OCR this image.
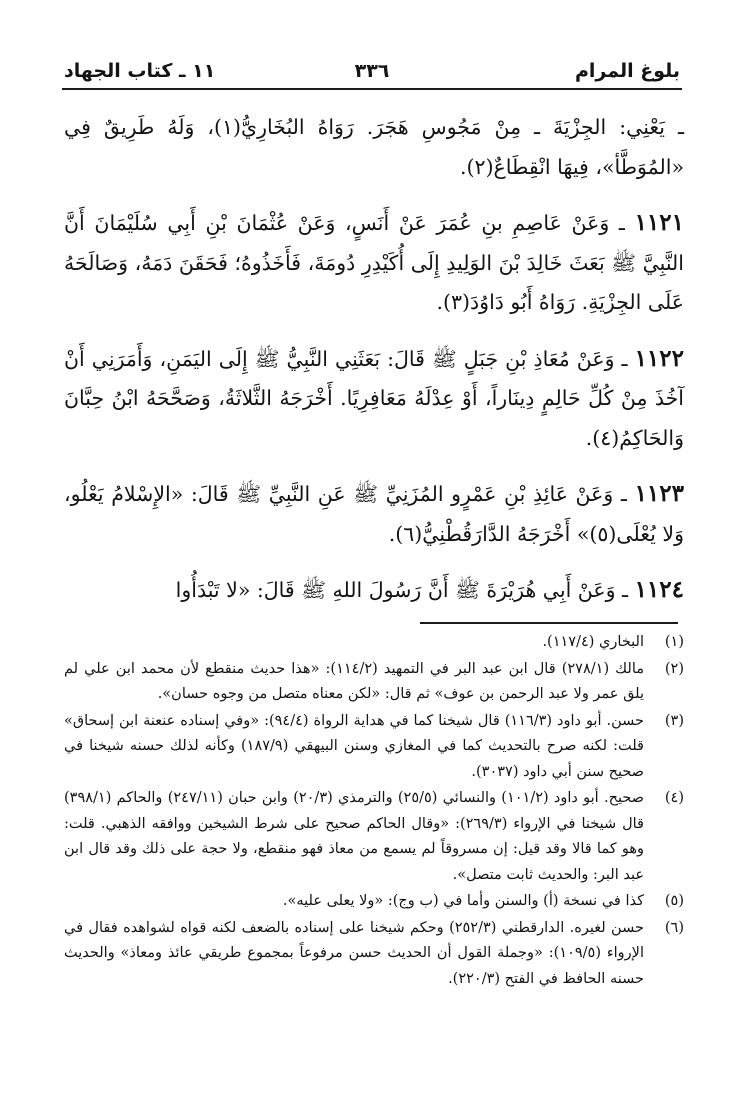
بلوغ المرام
٣٣٦
١١ ـ كتاب الجهاد

ـ يَعْنِي: الجِزْيَةَ ـ مِنْ مَجُوسِ هَجَرَ. رَوَاهُ البُخَارِيُّ(١)، وَلَهُ طَرِيقٌ فِي «المُوَطَّأ»، فِيهَا انْقِطَاعٌ(٢).

١١٢١ ـ وَعَنْ عَاصِمِ بنِ عُمَرَ عَنْ أَنَسٍ، وَعَنْ عُثْمَانَ بْنِ أَبِي سُلَيْمَانَ أَنَّ النَّبِيَّ ﷺ بَعَثَ خَالِدَ بْنَ الوَلِيدِ إِلَى أُكَيْدِرِ دُومَةَ، فَأَخَذُوهُ؛ فَحَقَنَ دَمَهُ، وَصَالَحَهُ عَلَى الجِزْيَةِ. رَوَاهُ أَبُو دَاوُدَ(٣).

١١٢٢ ـ وَعَنْ مُعَاذِ بْنِ جَبَلٍ ﷺ قَالَ: بَعَثَنِي النَّبِيُّ ﷺ إِلَى اليَمَنِ، وَأَمَرَنِي أَنْ آخُذَ مِنْ كُلِّ حَالِمٍ دِينَاراً، أَوْ عِدْلَهُ مَعَافِرِيًا. أَخْرَجَهُ الثَّلاثَةُ، وَصَحَّحَهُ ابْنُ حِبَّانَ وَالحَاكِمُ(٤).

١١٢٣ ـ وَعَنْ عَائِذِ بْنِ عَمْرٍو المُزَنِيِّ ﷺ عَنِ النَّبِيِّ ﷺ قَالَ: «الإِسْلامُ يَعْلُو، وَلا يُعْلَى(٥)» أَخْرَجَهُ الدَّارَقُطْنِيُّ(٦).

١١٢٤ ـ وَعَنْ أَبِي هُرَيْرَةَ ﷺ أَنَّ رَسُولَ اللهِ ﷺ قَالَ: «لا تَبْدَأُوا

(١)
البخاري (١١٧/٤).
(٢)
مالك (٢٧٨/١) قال ابن عبد البر في التمهيد (١١٤/٢): «هذا حديث منقطع لأن محمد ابن علي لم يلق عمر ولا عبد الرحمن بن عوف» ثم قال: «لكن معناه متصل من وجوه حسان».
(٣)
حسن. أبو داود (١١٦/٣) قال شيخنا كما في هداية الرواة (٩٤/٤): «وفي إسناده عنعنة ابن إسحاق» قلت: لكنه صرح بالتحديث كما في المغازي وسنن البيهقي (١٨٧/٩) وكأنه لذلك حسنه شيخنا في صحيح سنن أبي داود (٣٠٣٧).
(٤)
صحيح. أبو داود (١٠١/٢) والنسائي (٢٥/٥) والترمذي (٢٠/٣) وابن حبان (٢٤٧/١١) والحاكم (٣٩٨/١) قال شيخنا في الإرواء (٢٦٩/٣): «وقال الحاكم صحيح على شرط الشيخين ووافقه الذهبي. قلت: وهو كما قالا وقد قيل: إن مسروقاً لم يسمع من معاذ فهو منقطع، ولا حجة على ذلك وقد قال ابن عبد البر: والحديث ثابت متصل».
(٥)
كذا في نسخة (أ) والسنن وأما في (ب وج): «ولا يعلى عليه».
(٦)
حسن لغيره. الدارقطني (٢٥٢/٣) وحكم شيخنا على إسناده بالضعف لكنه قواه لشواهده فقال في الإرواء (١٠٩/٥): «وجملة القول أن الحديث حسن مرفوعاً بمجموع طريقي عائذ ومعاذ» والحديث حسنه الحافظ في الفتح (٢٢٠/٣).
